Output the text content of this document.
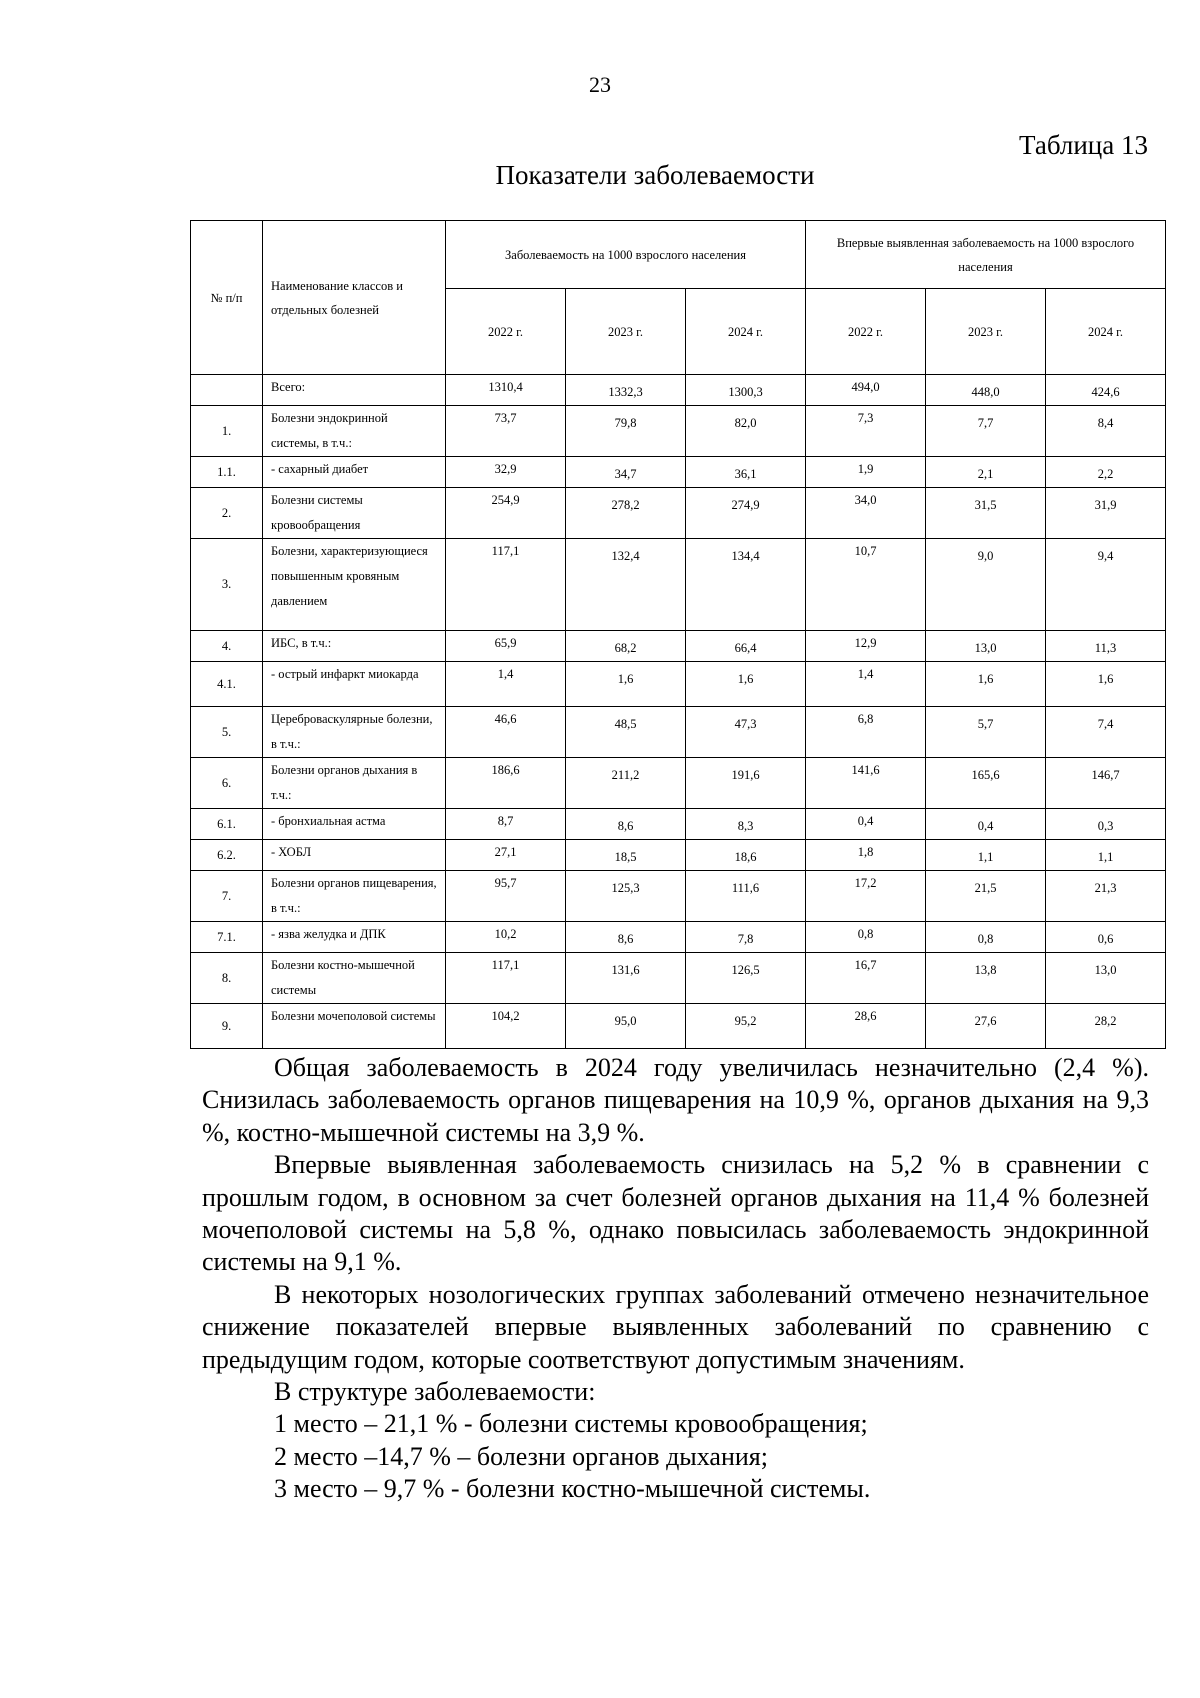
23
Таблица 13
Показатели заболеваемости
№ п/п	Наименование классов и отдельных болезней	Заболеваемость на 1000 взрослого населения			Впервые выявленная заболеваемость на 1000 взрослого населения		
		2022 г.	2023 г.	2024 г.	2022 г.	2023 г.	2024 г.
	Всего:	1310,4	1332,3	1300,3	494,0	448,0	424,6
1.	Болезни эндокринной системы, в т.ч.:	73,7	79,8	82,0	7,3	7,7	8,4
1.1.	- сахарный диабет	32,9	34,7	36,1	1,9	2,1	2,2
2.	Болезни системы кровообращения	254,9	278,2	274,9	34,0	31,5	31,9
3.	Болезни, характеризующиеся повышенным кровяным давлением	117,1	132,4	134,4	10,7	9,0	9,4
4.	ИБС, в т.ч.:	65,9	68,2	66,4	12,9	13,0	11,3
4.1.	- острый инфаркт миокарда	1,4	1,6	1,6	1,4	1,6	1,6
5.	Цереброваскулярные болезни, в т.ч.:	46,6	48,5	47,3	6,8	5,7	7,4
6.	Болезни органов дыхания в т.ч.:	186,6	211,2	191,6	141,6	165,6	146,7
6.1.	- бронхиальная астма	8,7	8,6	8,3	0,4	0,4	0,3
6.2.	- ХОБЛ	27,1	18,5	18,6	1,8	1,1	1,1
7.	Болезни органов пищеварения, в т.ч.:	95,7	125,3	111,6	17,2	21,5	21,3
7.1.	- язва желудка и ДПК	10,2	8,6	7,8	0,8	0,8	0,6
8.	Болезни костно-мышечной системы	117,1	131,6	126,5	16,7	13,8	13,0
9.	Болезни мочеполовой системы	104,2	95,0	95,2	28,6	27,6	28,2

Общая заболеваемость в 2024 году увеличилась незначительно (2,4 %). Снизилась заболеваемость органов пищеварения на 10,9 %, органов дыхания на 9,3 %, костно-мышечной системы на 3,9 %.

Впервые выявленная заболеваемость снизилась на 5,2 % в сравнении с прошлым годом, в основном за счет болезней органов дыхания на 11,4 % болезней мочеполовой системы на 5,8 %, однако повысилась заболеваемость эндокринной системы на 9,1 %.

В некоторых нозологических группах заболеваний отмечено незначительное снижение показателей впервые выявленных заболеваний по сравнению с предыдущим годом, которые соответствуют допустимым значениям.

В структуре заболеваемости:

1 место – 21,1 % - болезни системы кровообращения;

2 место –14,7 % – болезни органов дыхания;

3 место – 9,7 % - болезни костно-мышечной системы.
